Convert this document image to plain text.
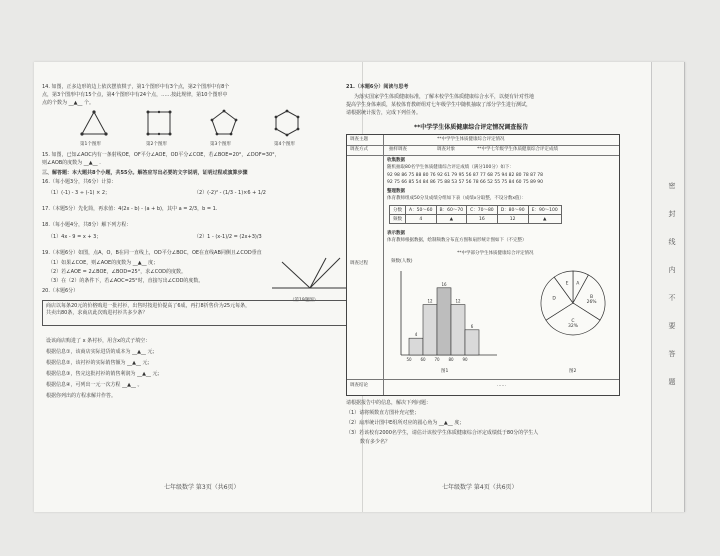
14. 如图，正多边形的边上依次摆放棋子，第1个图形中有3个点，第2个图形中有8个
点，第3个图形中有15个点，第4个图形中有24个点，……按此规律，第10个图形中
点的个数为 __▲__ 个。
第1个图形	第2个图形	第3个图形	第4个图形
15. 如图，已知∠AOC内有一条射线OE，OF平分∠AOE，OD平分∠COE，若∠BOE=20°，∠DOF=30°，
则∠AOB的度数为 __▲__ .
三、解答题：本大题共8个小题，共55分。解答应写出必要的文字说明，证明过程或演算步骤
16.（每小题3分，共6分）计算：
（1）(-1) - 3 ÷ (-1) × 2；	（2）(-2)² - (1/3 - 1)×6 + 1/2
17.（本题5分）先化简，再求值：4(2x - b) - (a + b)，其中 a = 2/3，b = 1.
18.（每小题4分，共8分）解下列方程：
（1）4x - 9 = x + 3；	（2）1 - (x-1)/2 = (2x+3)/3
19.（本题6分）如图，点A，O，B在同一直线上，OD平分∠BOC，OE在直线AB同侧且∠COD垂直
（1）如果∠COE，则∠AOE的度数为 __▲__ 度；
（2）若∠AOE = 2∠BOE，∠BOD=25°，求∠COD的度数。
（3）在（2）的条件下，若∠AOC=25°时，直接写出∠COD的度数。
（第19题图）
20.（本题6分）
商店以每条20元的价格购进一批衬衫，出售时按进价提高了6成，再打8折售价为25元每条，
共卖出80条，求商店此次购进衬衫共多少条？
设该商店购进了 x 条衬衫，用含x的式子填空：
根据信息①，该商店实际进货的成本为 __▲__ 元；
根据信息②，该衬衫的实际销售额为 __▲__ 元；
根据信息③，售完这批衬衫的销售利润为 __▲__ 元；
根据信息④，可列出一元一次方程 __▲__ 。
根据你列出的方程求解并作答。
七年级数学 第3页（共6页）
21.（本题6分）阅读与思考
为落实国家学生体质健康标准，了解本校学生体质健康综合水平，以便有针对性地
提高学生身体素质，某校体育教研组对七年级学生中随机抽取了部分学生进行测试，
请根据统计报告，完成下列任务。
**中学学生体质健康综合评定情况调查报告
调查主题	**中学学生体质健康综合评定情况
调查方式	抽样调查	调查对象	**中学七年级学生体质健康综合评定成绩
调查过程
收集数据
随机抽取80名学生体质健康综合评定成绩（满分100分）如下：
92 98 86 75 88 80 76 92 61 79 95 56 87 77 68 75 94 82 80 78 87 78
92 75 66 85 54 84 86 75 88 53 57 56 78 66 52 55 75 84 60 75 89 90
整理数据
体育教师组成50分及成绩分组如下表（成绩x分取整，不设分数x值）：
分数	A：50～60	B：60～70	C：70～80	D：80～90	E：90～100
频数	4	▲	16	12	▲
表示数据
体育教师根据数据，绘制频数分布直方图和扇形统计图如下（不完整）
**中学部分学生体质健康综合评定情况
4
12
16
12
6
50 60 70 80 90
A
B
26%
C
32%
D
E
频数(人数)
图1	图2
调查结论	……
请根据报告中的信息，解决下列问题：
（1）请将频数直方图补充完整；
（2）扇形统计图中E组所对应的圆心角为 __▲__ 度；
（3）若该校有2000名学生，请估计该校学生体质健康综合评定成绩低于80分的学生人
数有多少名？
七年级数学 第4页（共6页）
密
封
线
内
不
要
答
题
